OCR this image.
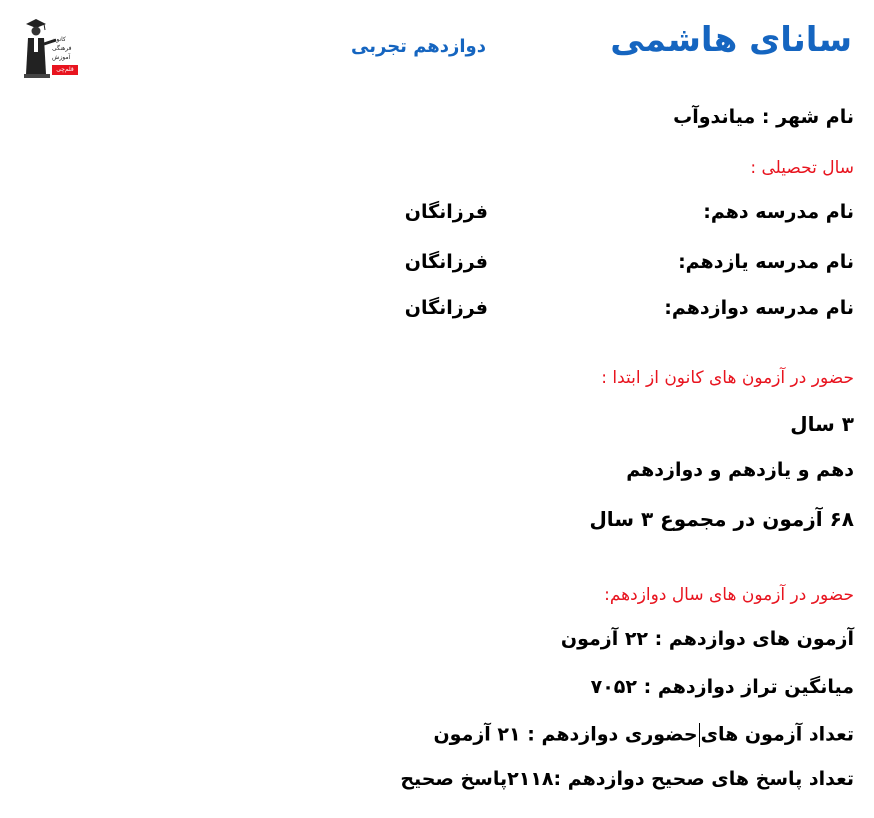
سانای هاشمی
دوازدهم تجربی
کانون
فرهنگی
آموزش
قلم‌چی
نام شهر : میاندوآب
سال تحصیلی :
نام مدرسه دهم:
فرزانگان
نام مدرسه یازدهم:
فرزانگان
نام مدرسه دوازدهم:
فرزانگان
حضور در آزمون های کانون از ابتدا :
۳ سال
دهم و یازدهم و دوازدهم
۶۸ آزمون در مجموع ۳ سال
حضور در آزمون های سال دوازدهم:
آزمون های دوازدهم : ۲۲ آزمون
میانگین تراز دوازدهم : ۷۰۵۲
تعداد آزمون هایحضوری دوازدهم : ۲۱ آزمون
تعداد پاسخ های صحیح دوازدهم :۲۱۱۸پاسخ صحیح
